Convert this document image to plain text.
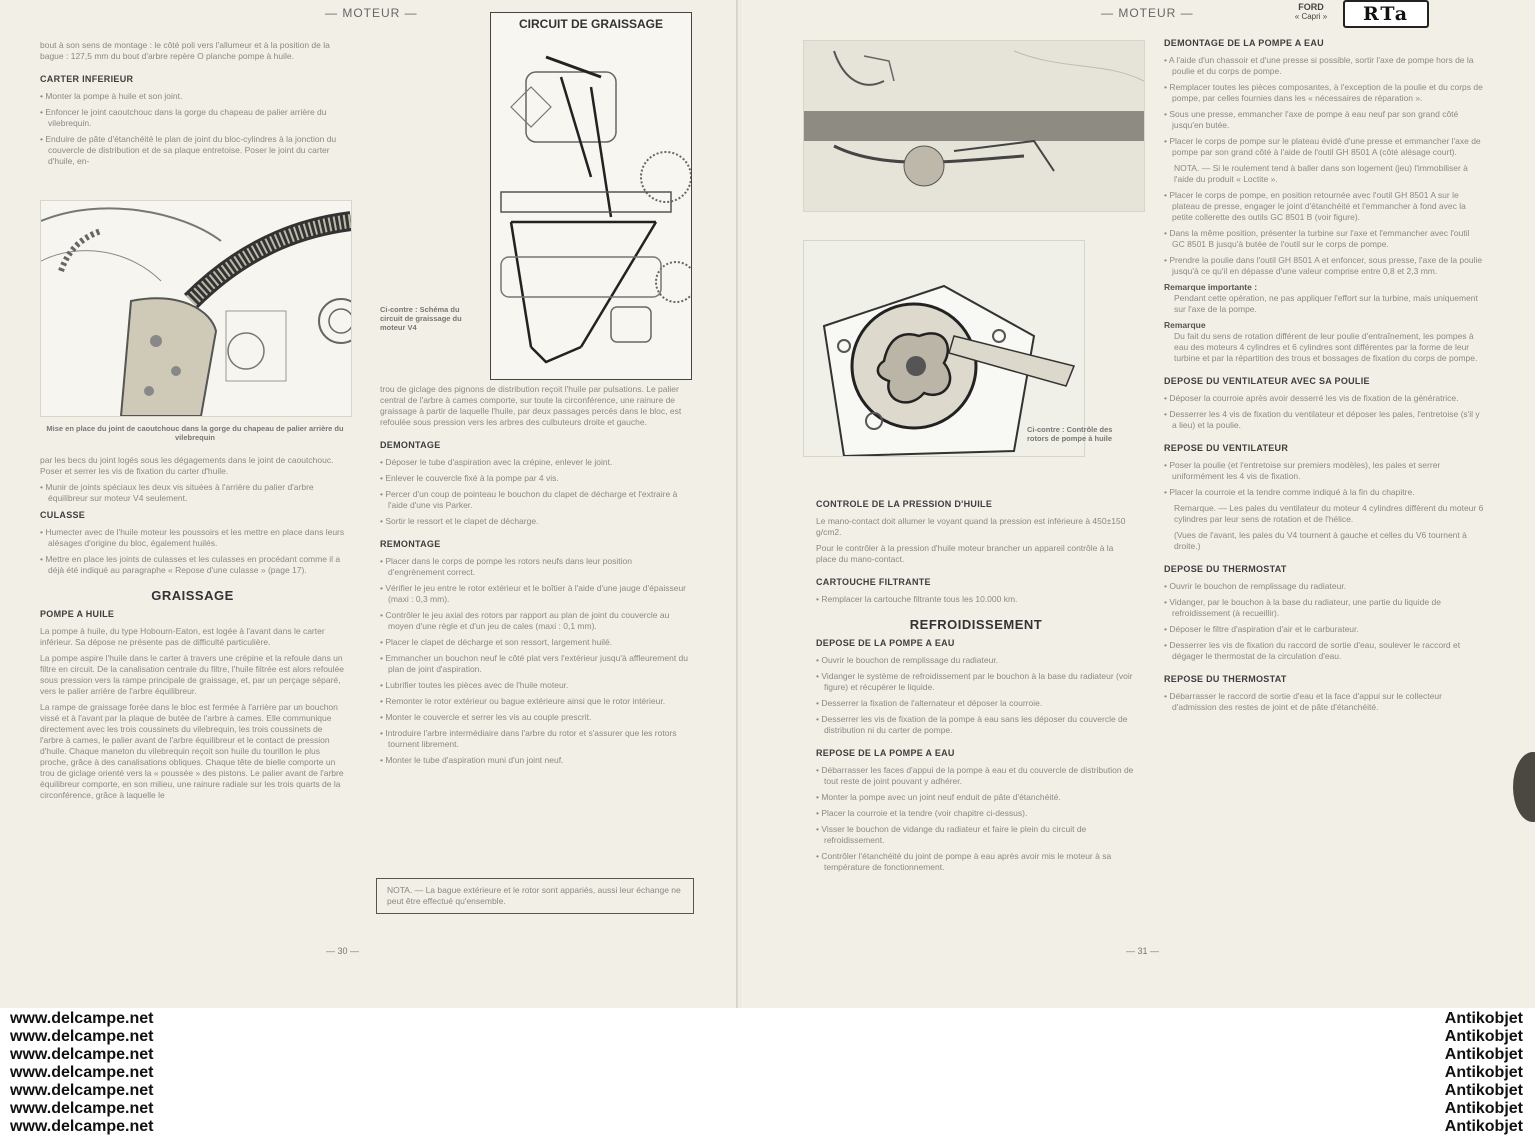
— MOTEUR —

bout à son sens de montage : le côté poli vers l'allumeur et à la position de la bague : 127,5 mm du bout d'arbre repère O planche pompe à huile.

CARTER INFERIEUR

• Monter la pompe à huile et son joint.

• Enfoncer le joint caoutchouc dans la gorge du chapeau de palier arrière du vilebrequin.

• Enduire de pâte d'étanchéité le plan de joint du bloc-cylindres à la jonction du couvercle de distribution et de sa plaque entretoise. Poser le joint du carter d'huile, en-

Mise en place du joint de caoutchouc dans la gorge du chapeau de palier arrière du vilebrequin

par les becs du joint logés sous les dégagements dans le joint de caoutchouc. Poser et serrer les vis de fixation du carter d'huile.

• Munir de joints spéciaux les deux vis situées à l'arrière du palier d'arbre équilibreur sur moteur V4 seulement.

CULASSE

• Humecter avec de l'huile moteur les poussoirs et les mettre en place dans leurs alésages d'origine du bloc, également huilés.

• Mettre en place les joints de culasses et les culasses en procédant comme il a déjà été indiqué au paragraphe « Repose d'une culasse » (page 17).

GRAISSAGE
POMPE A HUILE

La pompe à huile, du type Hobourn-Eaton, est logée à l'avant dans le carter inférieur. Sa dépose ne présente pas de difficulté particulière.

La pompe aspire l'huile dans le carter à travers une crépine et la refoule dans un filtre en circuit. De la canalisation centrale du filtre, l'huile filtrée est alors refoulée sous pression vers la rampe principale de graissage, et, par un perçage séparé, vers le palier arrière de l'arbre équilibreur.

La rampe de graissage forée dans le bloc est fermée à l'arrière par un bouchon vissé et à l'avant par la plaque de butée de l'arbre à cames. Elle communique directement avec les trois coussinets du vilebrequin, les trois coussinets de l'arbre à cames, le palier avant de l'arbre équilibreur et le contact de pression d'huile. Chaque maneton du vilebrequin reçoit son huile du tourillon le plus proche, grâce à des canalisations obliques. Chaque tête de bielle comporte un trou de giclage orienté vers la « poussée » des pistons. Le palier avant de l'arbre équilibreur comporte, en son milieu, une rainure radiale sur les trois quarts de la circonférence, grâce à laquelle le

CIRCUIT DE GRAISSAGE
Ci-contre : Schéma du circuit de graissage du moteur V4

trou de giclage des pignons de distribution reçoit l'huile par pulsations. Le palier central de l'arbre à cames comporte, sur toute la circonférence, une rainure de graissage à partir de laquelle l'huile, par deux passages percés dans le bloc, est refoulée sous pression vers les arbres des culbuteurs droite et gauche.

DEMONTAGE

• Déposer le tube d'aspiration avec la crépine, enlever le joint.

• Enlever le couvercle fixé à la pompe par 4 vis.

• Percer d'un coup de pointeau le bouchon du clapet de décharge et l'extraire à l'aide d'une vis Parker.

• Sortir le ressort et le clapet de décharge.

REMONTAGE

• Placer dans le corps de pompe les rotors neufs dans leur position d'engrènement correct.

• Vérifier le jeu entre le rotor extérieur et le boîtier à l'aide d'une jauge d'épaisseur (maxi : 0,3 mm).

• Contrôler le jeu axial des rotors par rapport au plan de joint du couvercle au moyen d'une règle et d'un jeu de cales (maxi : 0,1 mm).

• Placer le clapet de décharge et son ressort, largement huilé.

• Emmancher un bouchon neuf le côté plat vers l'extérieur jusqu'à affleurement du plan de joint d'aspiration.

• Lubrifier toutes les pièces avec de l'huile moteur.

• Remonter le rotor extérieur ou bague extérieure ainsi que le rotor intérieur.

• Monter le couvercle et serrer les vis au couple prescrit.

• Introduire l'arbre intermédiaire dans l'arbre du rotor et s'assurer que les rotors tournent librement.

• Monter le tube d'aspiration muni d'un joint neuf.

NOTA. — La bague extérieure et le rotor sont appariés, aussi leur échange ne peut être effectué qu'ensemble.
— 30 —
— MOTEUR —	FORD
« Capri »	RTa
Ci-contre : Contrôle des rotors de pompe à huile
CONTROLE DE LA PRESSION D'HUILE

Le mano-contact doit allumer le voyant quand la pression est inférieure à 450±150 g/cm2.

Pour le contrôler à la pression d'huile moteur brancher un appareil contrôle à la place du mano-contact.

CARTOUCHE FILTRANTE

• Remplacer la cartouche filtrante tous les 10.000 km.

REFROIDISSEMENT
DEPOSE DE LA POMPE A EAU

• Ouvrir le bouchon de remplissage du radiateur.

• Vidanger le système de refroidissement par le bouchon à la base du radiateur (voir figure) et récupérer le liquide.

• Desserrer la fixation de l'alternateur et déposer la courroie.

• Desserrer les vis de fixation de la pompe à eau sans les déposer du couvercle de distribution ni du carter de pompe.

REPOSE DE LA POMPE A EAU

• Débarrasser les faces d'appui de la pompe à eau et du couvercle de distribution de tout reste de joint pouvant y adhérer.

• Monter la pompe avec un joint neuf enduit de pâte d'étanchéité.

• Placer la courroie et la tendre (voir chapitre ci-dessus).

• Visser le bouchon de vidange du radiateur et faire le plein du circuit de refroidissement.

• Contrôler l'étanchéité du joint de pompe à eau après avoir mis le moteur à sa température de fonctionnement.

DEMONTAGE DE LA POMPE A EAU

• A l'aide d'un chassoir et d'une presse si possible, sortir l'axe de pompe hors de la poulie et du corps de pompe.

• Remplacer toutes les pièces composantes, à l'exception de la poulie et du corps de pompe, par celles fournies dans les « nécessaires de réparation ».

• Sous une presse, emmancher l'axe de pompe à eau neuf par son grand côté jusqu'en butée.

• Placer le corps de pompe sur le plateau évidé d'une presse et emmancher l'axe de pompe par son grand côté à l'aide de l'outil GH 8501 A (côté alésage court).

NOTA. — Si le roulement tend à baller dans son logement (jeu) l'immobiliser à l'aide du produit « Loctite ».

• Placer le corps de pompe, en position retournée avec l'outil GH 8501 A sur le plateau de presse, engager le joint d'étanchéité et l'emmancher à fond avec la petite collerette des outils GC 8501 B (voir figure).

• Dans la même position, présenter la turbine sur l'axe et l'emmancher avec l'outil GC 8501 B jusqu'à butée de l'outil sur le corps de pompe.

• Prendre la poulie dans l'outil GH 8501 A et enfoncer, sous presse, l'axe de la poulie jusqu'à ce qu'il en dépasse d'une valeur comprise entre 0,8 et 2,3 mm.

Remarque importante :

Pendant cette opération, ne pas appliquer l'effort sur la turbine, mais uniquement sur l'axe de la pompe.

Remarque

Du fait du sens de rotation différent de leur poulie d'entraînement, les pompes à eau des moteurs 4 cylindres et 6 cylindres sont différentes par la forme de leur turbine et par la répartition des trous et bossages de fixation du corps de pompe.

DEPOSE DU VENTILATEUR AVEC SA POULIE

• Déposer la courroie après avoir desserré les vis de fixation de la génératrice.

• Desserrer les 4 vis de fixation du ventilateur et déposer les pales, l'entretoise (s'il y a lieu) et la poulie.

REPOSE DU VENTILATEUR

• Poser la poulie (et l'entretoise sur premiers modèles), les pales et serrer uniformément les 4 vis de fixation.

• Placer la courroie et la tendre comme indiqué à la fin du chapitre.

Remarque. — Les pales du ventilateur du moteur 4 cylindres diffèrent du moteur 6 cylindres par leur sens de rotation et de l'hélice.

(Vues de l'avant, les pales du V4 tournent à gauche et celles du V6 tournent à droite.)

DEPOSE DU THERMOSTAT

• Ouvrir le bouchon de remplissage du radiateur.

• Vidanger, par le bouchon à la base du radiateur, une partie du liquide de refroidissement (à recueillir).

• Déposer le filtre d'aspiration d'air et le carburateur.

• Desserrer les vis de fixation du raccord de sortie d'eau, soulever le raccord et dégager le thermostat de la circulation d'eau.

REPOSE DU THERMOSTAT

• Débarrasser le raccord de sortie d'eau et la face d'appui sur le collecteur d'admission des restes de joint et de pâte d'étanchéité.

— 31 —
www.delcampe.net
www.delcampe.net
www.delcampe.net
www.delcampe.net
www.delcampe.net
www.delcampe.net
www.delcampe.net
Antikobjet
Antikobjet
Antikobjet
Antikobjet
Antikobjet
Antikobjet
Antikobjet
